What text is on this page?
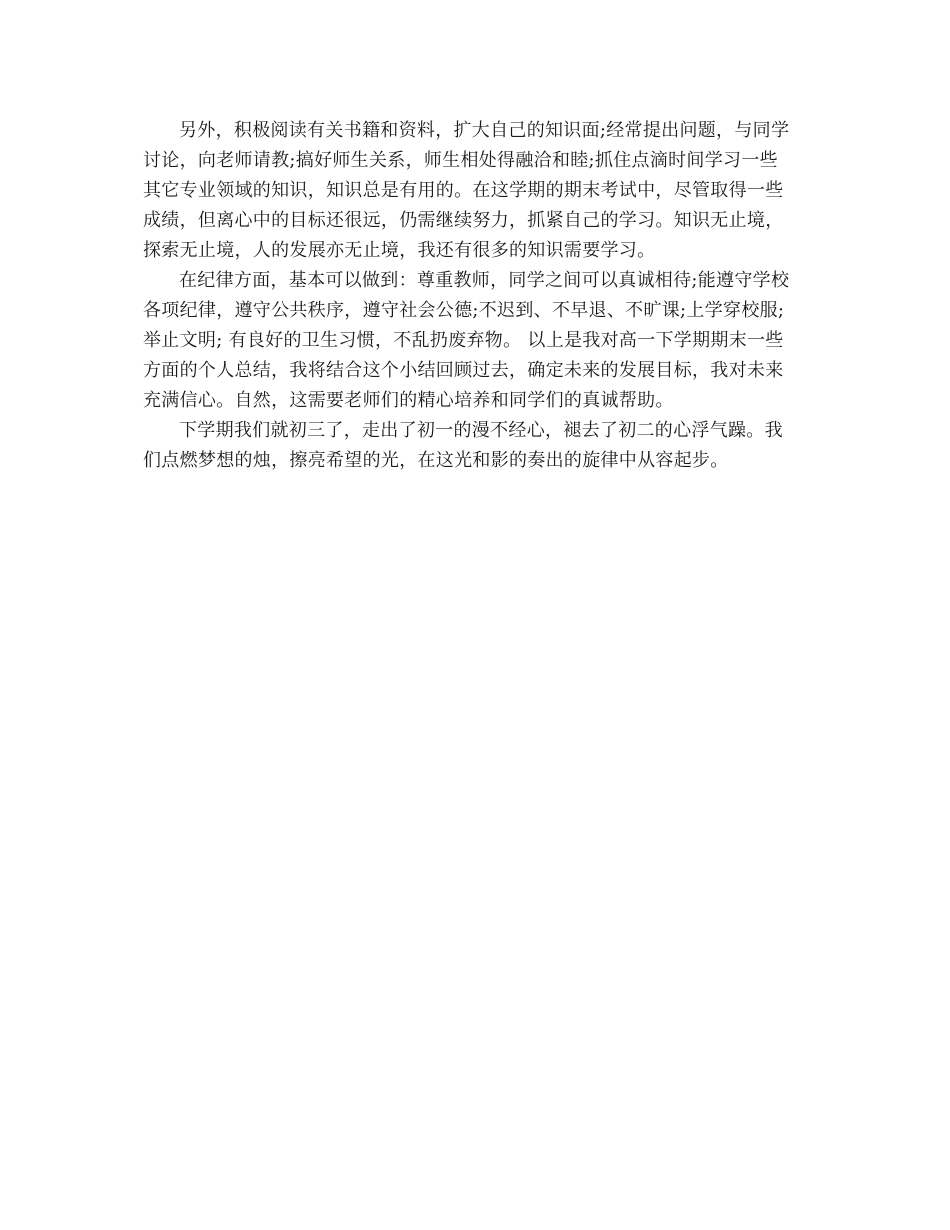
另外，积极阅读有关书籍和资料，扩大自己的知识面;经常提出问题，与同学
讨论，向老师请教;搞好师生关系，师生相处得融洽和睦;抓住点滴时间学习一些
其它专业领域的知识，知识总是有用的。在这学期的期末考试中，尽管取得一些
成绩，但离心中的目标还很远，仍需继续努力，抓紧自己的学习。知识无止境，
探索无止境，人的发展亦无止境，我还有很多的知识需要学习。
在纪律方面，基本可以做到：尊重教师，同学之间可以真诚相待;能遵守学校
各项纪律，遵守公共秩序，遵守社会公德;不迟到、不早退、不旷课;上学穿校服;
举止文明; 有良好的卫生习惯，不乱扔废弃物。 以上是我对高一下学期期末一些
方面的个人总结，我将结合这个小结回顾过去，确定未来的发展目标，我对未来
充满信心。自然，这需要老师们的精心培养和同学们的真诚帮助。
下学期我们就初三了，走出了初一的漫不经心，褪去了初二的心浮气躁。我
们点燃梦想的烛，擦亮希望的光，在这光和影的奏出的旋律中从容起步。
